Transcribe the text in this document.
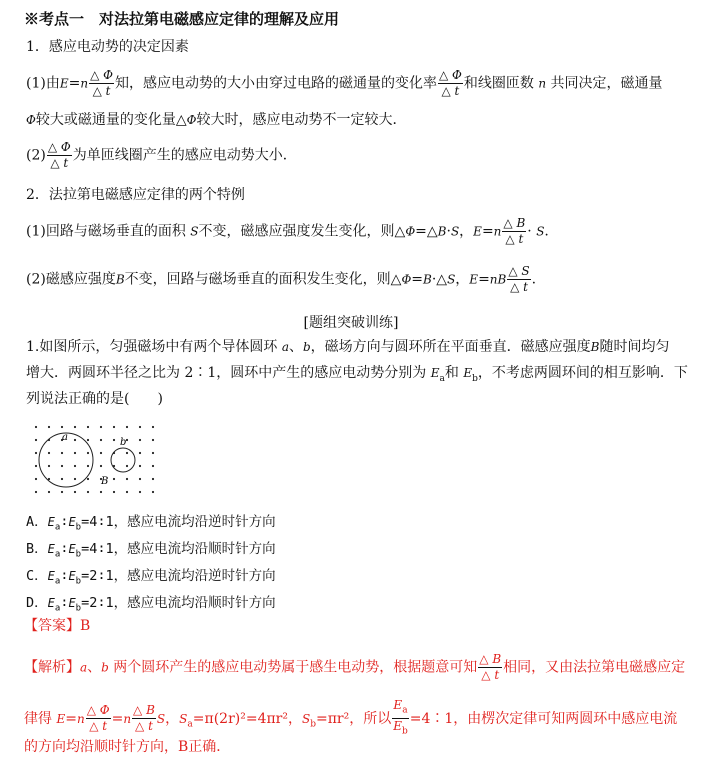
※考点一　对法拉第电磁感应定律的理解及应用
1．感应电动势的决定因素
(1)由$E=n \frac{\triangle \Phi}{\triangle t}$ 知，感应电动势的大小由穿过电路的磁通量的变化率 $\frac{\triangle \Phi}{\triangle t}$ 和线圈匝数 n 共同决定，磁通量
Φ较大或磁通量的变化量△Φ较大时，感应电动势不一定较大．
$(2) \frac{\triangle \Phi}{\triangle t}$ 为单匝线圈产生的感应电动势大小．
2．法拉第电磁感应定律的两个特例
(1)回路与磁场垂直的面积 S不变，磁感应强度发生变化，则△Φ=△B·S，$E=n \frac{\triangle B}{\triangle t} \cdot S$.
(2)磁感应强度B不变，回路与磁场垂直的面积发生变化，则△Φ=B·△S，$E=nB \frac{\triangle S}{\triangle t}$ .
[题组突破训练]
1.如图所示，匀强磁场中有两个导体圆环 a、b，磁场方向与圆环所在平面垂直．磁感应强度B随时间均匀
增大．两圆环半径之比为 2∶1，圆环中产生的感应电动势分别为 $E_a$和 $E_b$，不考虑两圆环间的相互影响．下
列说法正确的是(　　)
a	b
B
A．$E_a∶E_b=4∶1$，感应电流均沿逆时针方向
B．$E_a∶E_b=4∶1$，感应电流均沿顺时针方向
C．$E_a∶E_b=2∶1$，感应电流均沿逆时针方向
D．$E_a∶E_b=2∶1$，感应电流均沿顺时针方向
【答案】B
【解析】a、b 两个圆环产生的感应电动势属于感生电动势，根据题意可知 $\frac{\triangle B}{\triangle t}$ 相同，又由法拉第电磁感应定
律得 $E=n \frac{\triangle \Phi}{\triangle t} =n \frac{\triangle B}{\triangle t}$ S，$S_a=\pi(2r)^2=4\pi r^2$，$S_b=\pi r^2$，所以 $\frac{E_a}{E_b}$ =4∶1，由楞次定律可知两圆环中感应电流
的方向均沿顺时针方向，B正确．
